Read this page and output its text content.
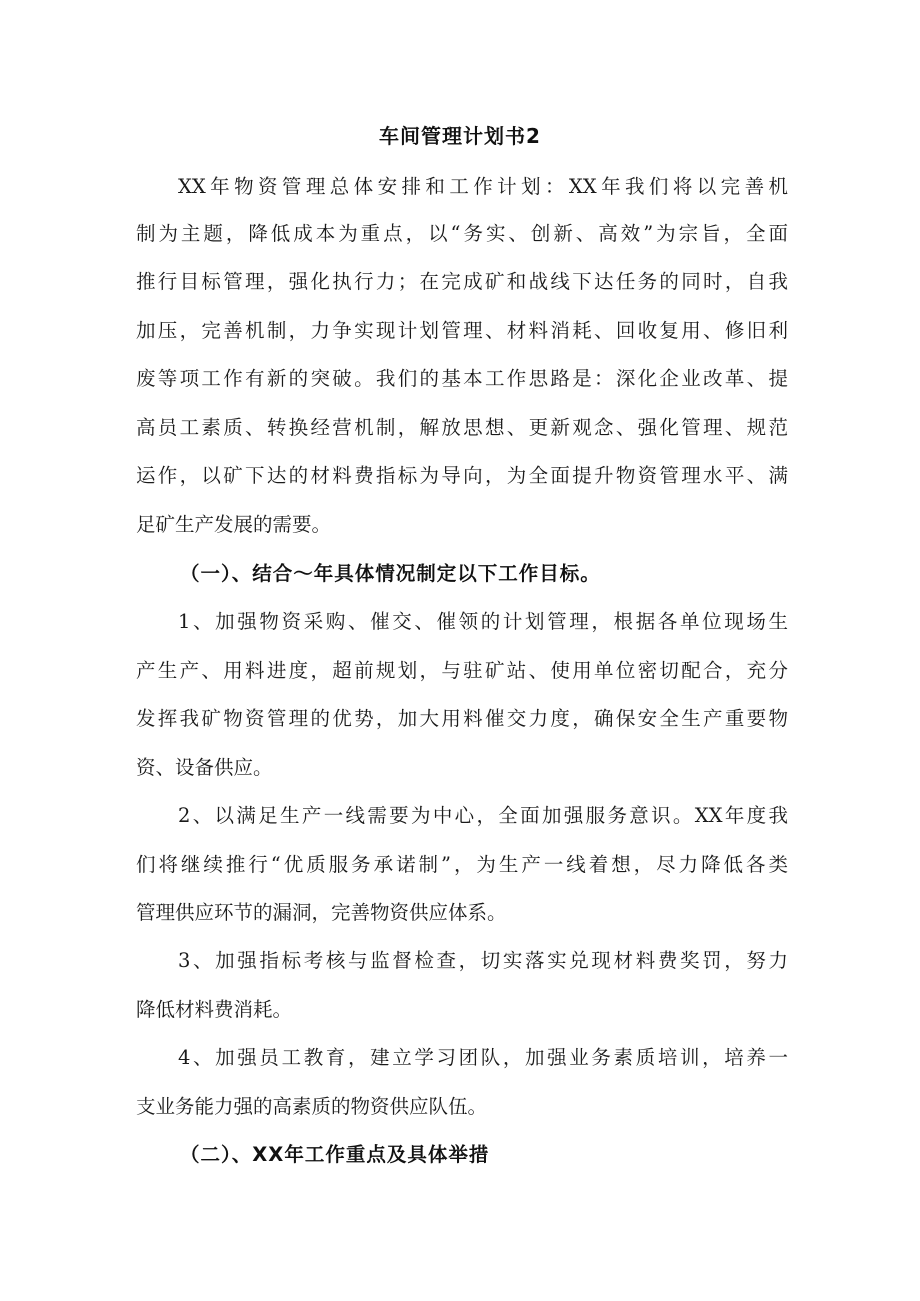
车间管理计划书2
XX年物资管理总体安排和工作计划：XX年我们将以完善机
制为主题，降低成本为重点，以“务实、创新、高效”为宗旨，全面
推行目标管理，强化执行力；在完成矿和战线下达任务的同时，自我
加压，完善机制，力争实现计划管理、材料消耗、回收复用、修旧利
废等项工作有新的突破。我们的基本工作思路是：深化企业改革、提
高员工素质、转换经营机制，解放思想、更新观念、强化管理、规范
运作，以矿下达的材料费指标为导向，为全面提升物资管理水平、满
足矿生产发展的需要。
（一）、结合～年具体情况制定以下工作目标。
1、加强物资采购、催交、催领的计划管理，根据各单位现场生
产生产、用料进度，超前规划，与驻矿站、使用单位密切配合，充分
发挥我矿物资管理的优势，加大用料催交力度，确保安全生产重要物
资、设备供应。
2、以满足生产一线需要为中心，全面加强服务意识。XX年度我
们将继续推行“优质服务承诺制”，为生产一线着想，尽力降低各类
管理供应环节的漏洞，完善物资供应体系。
3、加强指标考核与监督检查，切实落实兑现材料费奖罚，努力
降低材料费消耗。
4、加强员工教育，建立学习团队，加强业务素质培训，培养一
支业务能力强的高素质的物资供应队伍。
（二）、XX年工作重点及具体举措
